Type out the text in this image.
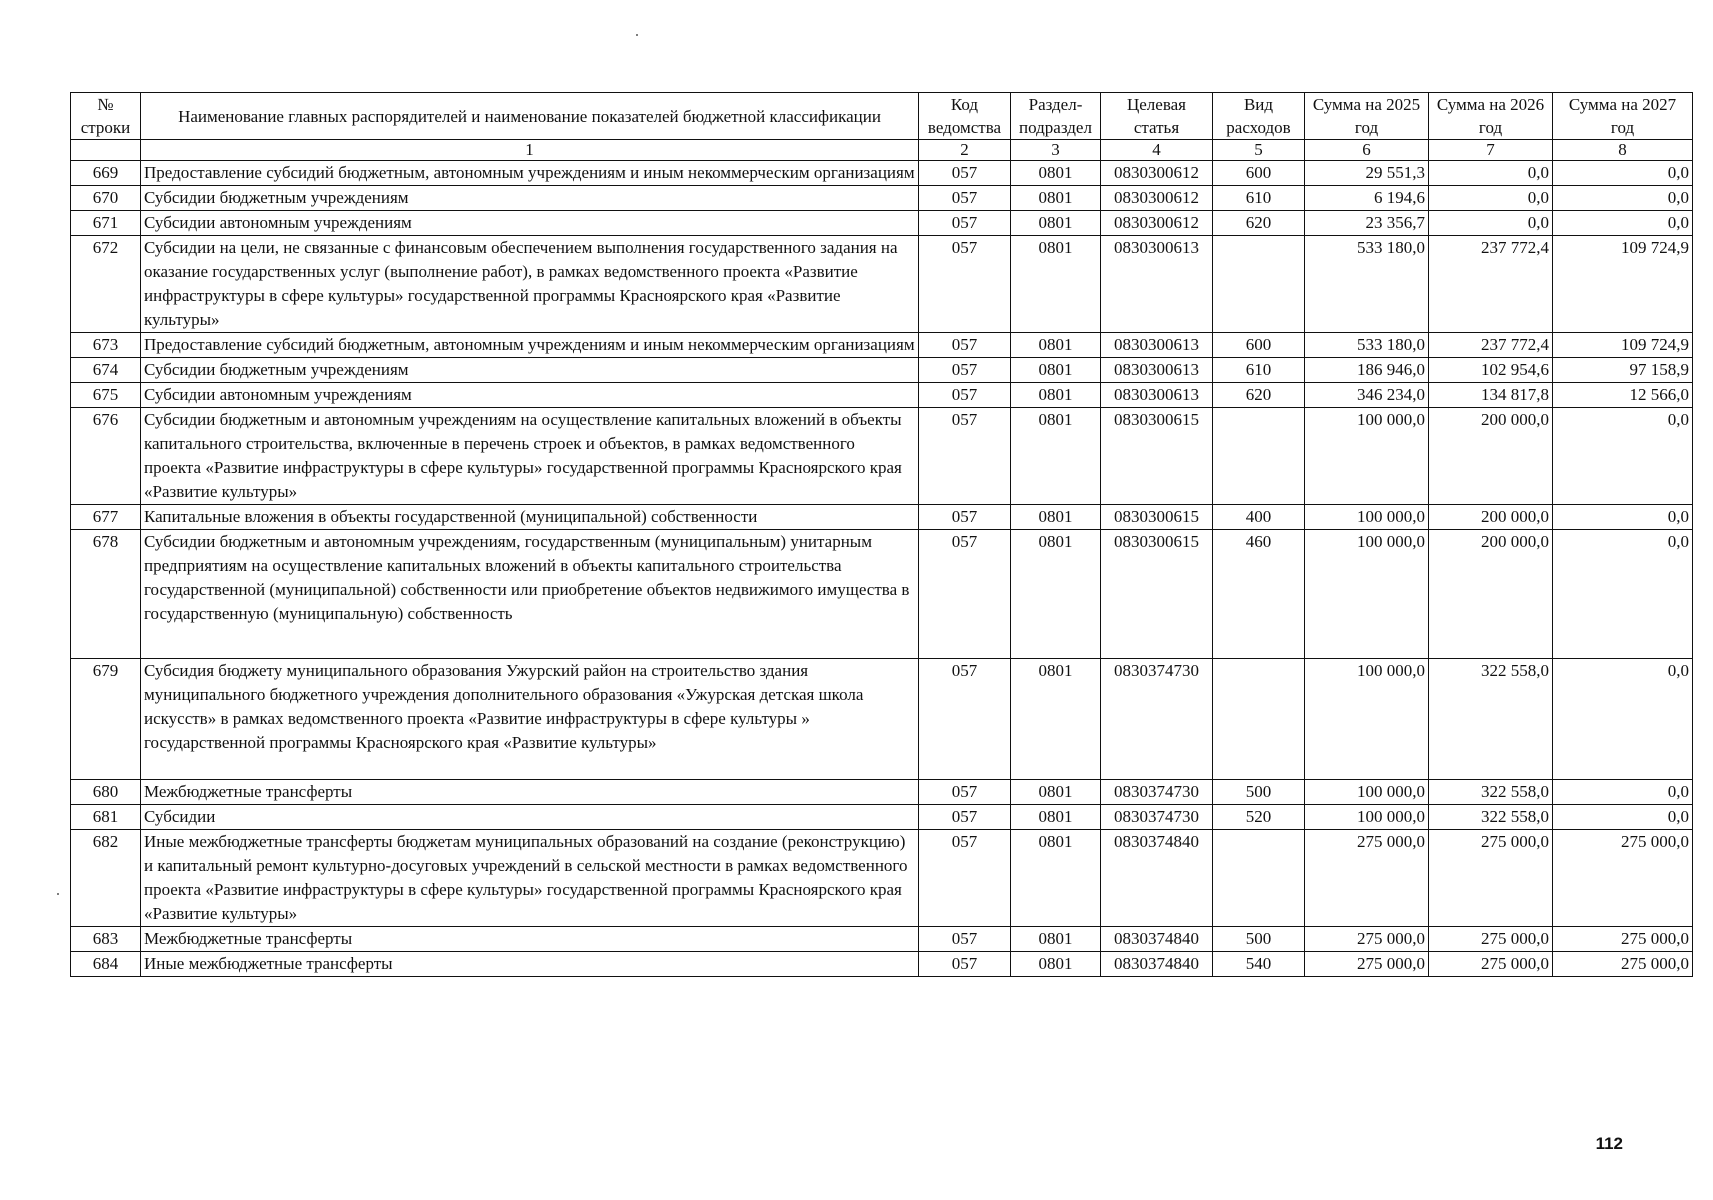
№ строки	Наименование главных распорядителей и наименование показателей бюджетной классификации	Код ведомства	Раздел-подраздел	Целевая статья	Вид расходов	Сумма на 2025 год	Сумма на 2026 год	Сумма на 2027 год
	1	2	3	4	5	6	7	8
669	Предоставление субсидий бюджетным, автономным учреждениям и иным некоммерческим организациям	057	0801	0830300612	600	29 551,3	0,0	0,0
670	Субсидии бюджетным учреждениям	057	0801	0830300612	610	6 194,6	0,0	0,0
671	Субсидии автономным учреждениям	057	0801	0830300612	620	23 356,7	0,0	0,0
672	Субсидии на цели, не связанные с финансовым обеспечением выполнения государственного задания на оказание государственных услуг (выполнение работ), в рамках ведомственного проекта «Развитие инфраструктуры в сфере культуры» государственной программы Красноярского края «Развитие культуры»	057	0801	0830300613		533 180,0	237 772,4	109 724,9
673	Предоставление субсидий бюджетным, автономным учреждениям и иным некоммерческим организациям	057	0801	0830300613	600	533 180,0	237 772,4	109 724,9
674	Субсидии бюджетным учреждениям	057	0801	0830300613	610	186 946,0	102 954,6	97 158,9
675	Субсидии автономным учреждениям	057	0801	0830300613	620	346 234,0	134 817,8	12 566,0
676	Субсидии бюджетным и автономным учреждениям на осуществление капитальных вложений в объекты капитального строительства, включенные в перечень строек и объектов, в рамках ведомственного проекта «Развитие инфраструктуры в сфере культуры» государственной программы Красноярского края «Развитие культуры»	057	0801	0830300615		100 000,0	200 000,0	0,0
677	Капитальные вложения в объекты государственной (муниципальной) собственности	057	0801	0830300615	400	100 000,0	200 000,0	0,0
678	Субсидии бюджетным и автономным учреждениям, государственным (муниципальным) унитарным предприятиям на осуществление капитальных вложений в объекты капитального строительства государственной (муниципальной) собственности или приобретение объектов недвижимого имущества в государственную (муниципальную) собственность	057	0801	0830300615	460	100 000,0	200 000,0	0,0
679	Субсидия бюджету муниципального образования Ужурский район на строительство здания муниципального бюджетного учреждения дополнительного образования «Ужурская детская школа искусств» в рамках ведомственного проекта «Развитие инфраструктуры в сфере культуры » государственной программы Красноярского края «Развитие культуры»	057	0801	0830374730		100 000,0	322 558,0	0,0
680	Межбюджетные трансферты	057	0801	0830374730	500	100 000,0	322 558,0	0,0
681	Субсидии	057	0801	0830374730	520	100 000,0	322 558,0	0,0
682	Иные межбюджетные трансферты бюджетам муниципальных образований на создание (реконструкцию) и капитальный ремонт культурно-досуговых учреждений в сельской местности в рамках ведомственного проекта «Развитие инфраструктуры в сфере культуры» государственной программы Красноярского края «Развитие культуры»	057	0801	0830374840		275 000,0	275 000,0	275 000,0
683	Межбюджетные трансферты	057	0801	0830374840	500	275 000,0	275 000,0	275 000,0
684	Иные межбюджетные трансферты	057	0801	0830374840	540	275 000,0	275 000,0	275 000,0
112
